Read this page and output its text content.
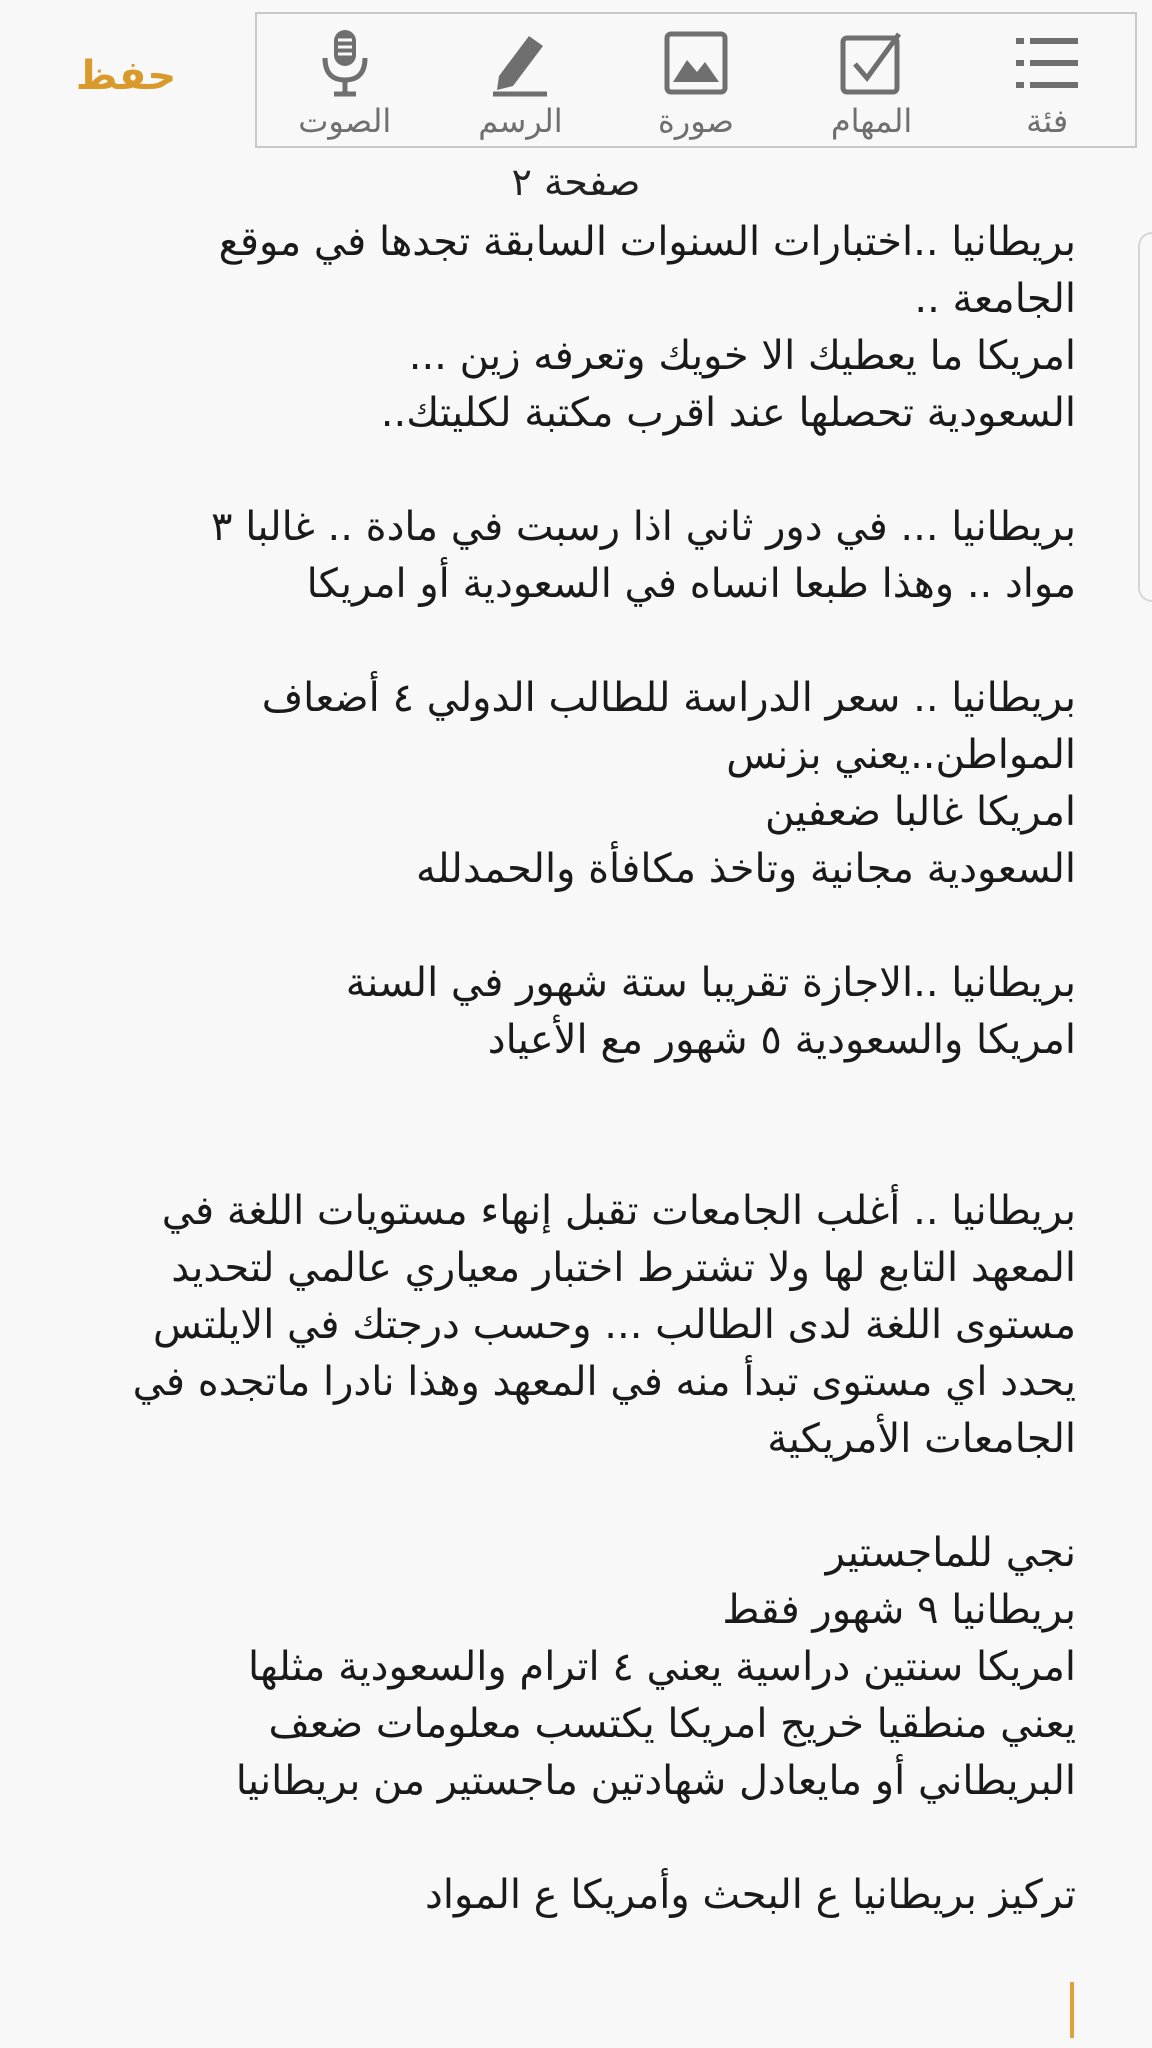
حفظ
الصوت	الرسم	صورة	المهام	فئة
صفحة ٢
بريطانيا ..اختبارات السنوات السابقة تجدها في موقع
الجامعة ..
امريكا ما يعطيك الا خويك وتعرفه زين ...
السعودية تحصلها عند اقرب مكتبة لكليتك..
بريطانيا ... في دور ثاني اذا رسبت في مادة .. غالبا ٣
مواد .. وهذا طبعا انساه في السعودية أو امريكا
بريطانيا .. سعر الدراسة للطالب الدولي ٤ أضعاف
المواطن..يعني بزنس
امريكا غالبا ضعفين
السعودية مجانية وتاخذ مكافأة والحمدلله
بريطانيا ..الاجازة تقريبا ستة شهور في السنة
امريكا والسعودية ٥ شهور مع الأعياد
بريطانيا .. أغلب الجامعات تقبل إنهاء مستويات اللغة في
المعهد التابع لها ولا تشترط اختبار معياري عالمي لتحديد
مستوى اللغة لدى الطالب ... وحسب درجتك في الايلتس
يحدد اي مستوى تبدأ منه في المعهد وهذا نادرا ماتجده في
الجامعات الأمريكية
نجي للماجستير
بريطانيا ٩ شهور فقط
امريكا سنتين دراسية يعني ٤ اترام والسعودية مثلها
يعني منطقيا خريج امريكا يكتسب معلومات ضعف
البريطاني أو مايعادل شهادتين ماجستير من بريطانيا
تركيز بريطانيا ع البحث وأمريكا ع المواد
